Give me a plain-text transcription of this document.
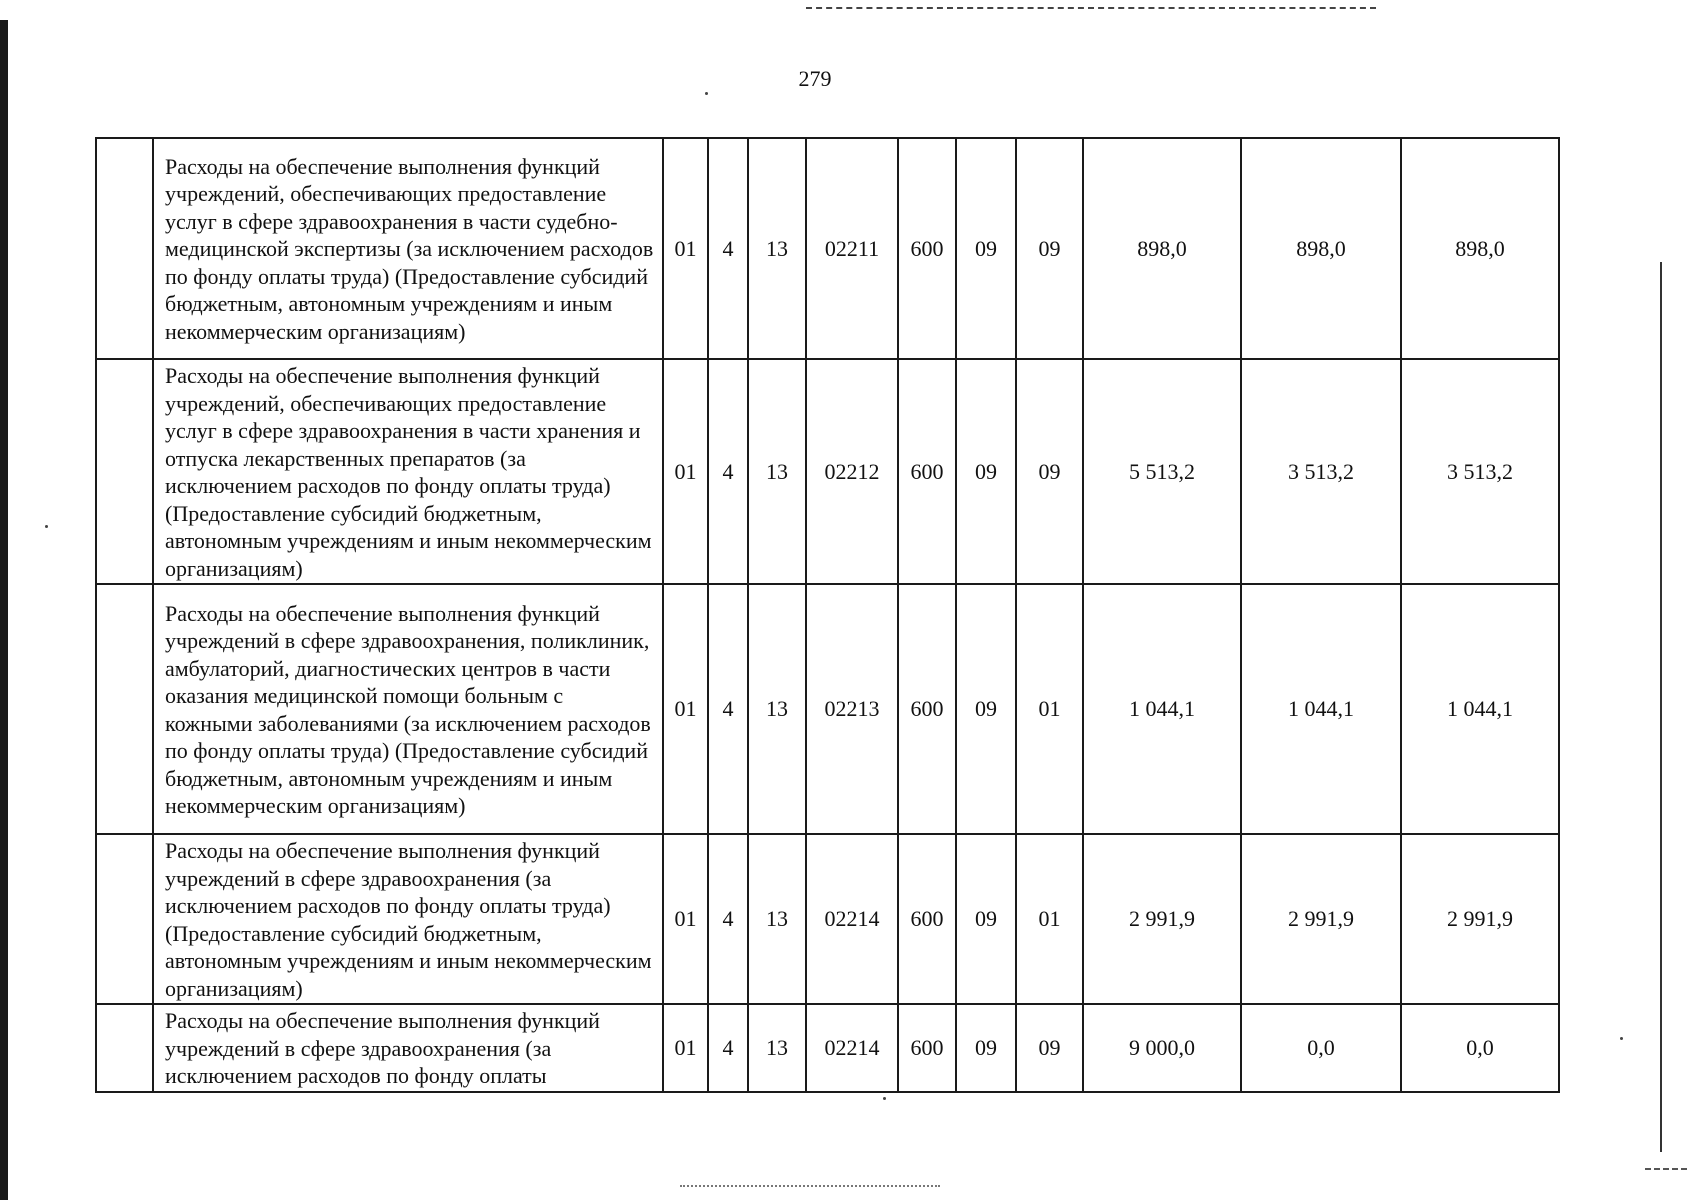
279
	Расходы на обеспечение выполнения функций учреждений, обеспечивающих предоставление услуг в сфере здравоохранения в части судебно-медицинской экспертизы (за исключением расходов по фонду оплаты труда) (Предоставление субсидий бюджетным, автономным учреждениям и иным некоммерческим организациям)	01	4	13	02211	600	09	09	898,0	898,0	898,0
	Расходы на обеспечение выполнения функций учреждений, обеспечивающих предоставление услуг в сфере здравоохранения в части хранения и отпуска лекарственных препаратов (за исключением расходов по фонду оплаты труда) (Предоставление субсидий бюджетным, автономным учреждениям и иным некоммерческим организациям)	01	4	13	02212	600	09	09	5 513,2	3 513,2	3 513,2
	Расходы на обеспечение выполнения функций учреждений в сфере здравоохранения, поликлиник, амбулаторий, диагностических центров в части оказания медицинской помощи больным с кожными заболеваниями (за исключением расходов по фонду оплаты труда) (Предоставление субсидий бюджетным, автономным учреждениям и иным некоммерческим организациям)	01	4	13	02213	600	09	01	1 044,1	1 044,1	1 044,1
	Расходы на обеспечение выполнения функций учреждений в сфере здравоохранения (за исключением расходов по фонду оплаты труда) (Предоставление субсидий бюджетным, автономным учреждениям и иным некоммерческим организациям)	01	4	13	02214	600	09	01	2 991,9	2 991,9	2 991,9
	Расходы на обеспечение выполнения функций учреждений в сфере здравоохранения (за исключением расходов по фонду оплаты	01	4	13	02214	600	09	09	9 000,0	0,0	0,0
